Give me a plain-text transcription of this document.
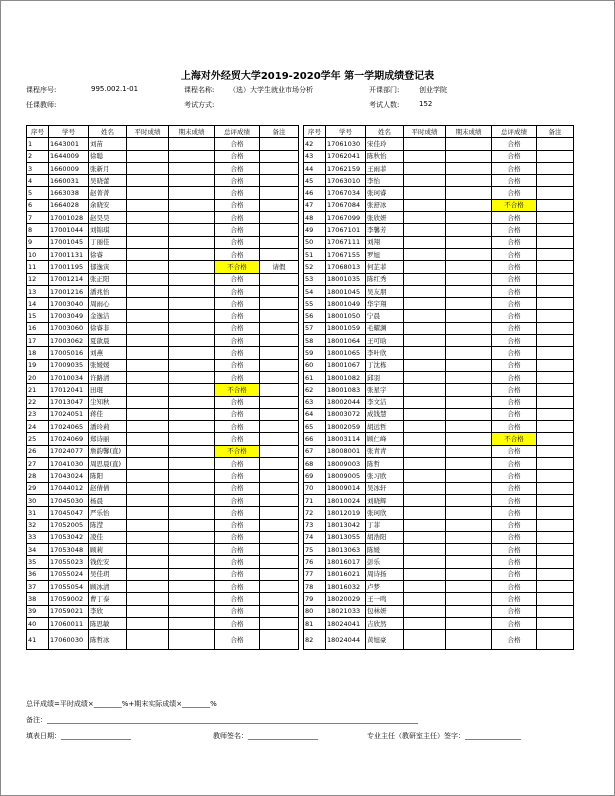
上海对外经贸大学2019-2020学年 第一学期成绩登记表
课程序号:	995.002.1-01	课程名称: （选）大学生就业市场分析	开课部门:	创业学院
任课教师:	考试方式:	考试人数:	152
序号	学号	姓名	平时成绩	期末成绩	总评成绩	备注
1	1643001	刘苗			合格	
2	1644009	徐聪			合格	
3	1660009	张新月			合格	
4	1660031	吴晓蕾			合格	
5	1663038	赵菁菁			合格	
6	1664028	余晓安			合格	
7	17001028	赵昊昊			合格	
8	17001044	刘锦琪			合格	
9	17001045	丁丽佳			合格	
10	17001131	徐睿			合格	
11	17001195	郁逸寅			不合格	请假
12	17001214	张正阳			合格	
13	17001216	潘兆怡			合格	
14	17003040	周雨心			合格	
15	17003049	金逸洁			合格	
16	17003060	徐睿非			合格	
17	17003062	夏歆晨			合格	
18	17005016	刘燕			合格	
19	17009035	张媛媛			合格	
20	17010034	许路清			合格	
21	17012041	田琨			不合格	
22	17013047	尘知秋			合格	
23	17024051	蒋佳			合格	
24	17024065	潘玲莉			合格	
25	17024069	郑诗丽			合格	
26	17024077	詹韵馨(直)			不合格	
27	17041030	周思晨(直)			合格	
28	17043024	陈阳			合格	
29	17044012	赵倩倩			合格	
30	17045030	杨晨			合格	
31	17045047	严乐怡			合格	
32	17052005	陈滢			合格	
33	17053042	凌佳			合格	
34	17053048	顾莉			合格	
35	17055023	钱佐安			合格	
36	17055024	吴佳玥			合格	
37	17055054	顾冰清			合格	
38	17059002	曹丁泰			合格	
39	17059021	李欣			合格	
40	17060011	陈思敏			合格	
41	17060030	陈哲冰			合格	
序号	学号	姓名	平时成绩	期末成绩	总评成绩	备注
42	17061030	宋佳玲			合格	
43	17062041	陈秋怡			合格	
44	17062159	王雨菲			合格	
45	17063010	李怡			合格	
46	17067034	张珂睿			合格	
47	17067084	张舒冰			不合格	
48	17067099	张欣妍			合格	
49	17067101	李馨芳			合格	
50	17067111	刘翔			合格	
51	17067155	罗旭			合格	
52	17068013	何芷菲			合格	
53	18001035	陈红秀			合格	
54	18001045	吴友朋			合格	
55	18001049	华宇翔			合格	
56	18001050	宁晨			合格	
57	18001059	毛耀渊			合格	
58	18001064	王可晗			合格	
59	18001065	李叶欣			合格	
60	18001067	丁沈栋			合格	
61	18001082	邱羽			合格	
62	18001083	张星宇			合格	
63	18002044	李文洁			合格	
64	18003072	成钱慧			合格	
65	18002059	胡远哲			合格	
66	18003114	顾仁峰			不合格	
67	18008001	张青青			合格	
68	18009003	陈哲			合格	
69	18009005	张习欧			合格	
70	18009014	吴冰轩			合格	
71	18010024	刘晓辉			合格	
72	18012019	张珂欣			合格	
73	18013042	丁菲			合格	
74	18013055	胡浩阳			合格	
75	18013063	陈媛			合格	
76	18016017	彭乐			合格	
77	18016021	周诗扬			合格	
78	18016032	卢梦			合格	
79	18020029	王一鸣			合格	
80	18021033	包林妍			合格	
81	18024041	吉欣然			合格	
82	18024044	黄旭豪			合格	
总评成绩=平时成绩×________%+期末实际成绩×________%
备注：__________________________________________________________________________________________________________
填表日期：____________________	教师签名：____________________	专业主任（教研室主任）签字：________________
